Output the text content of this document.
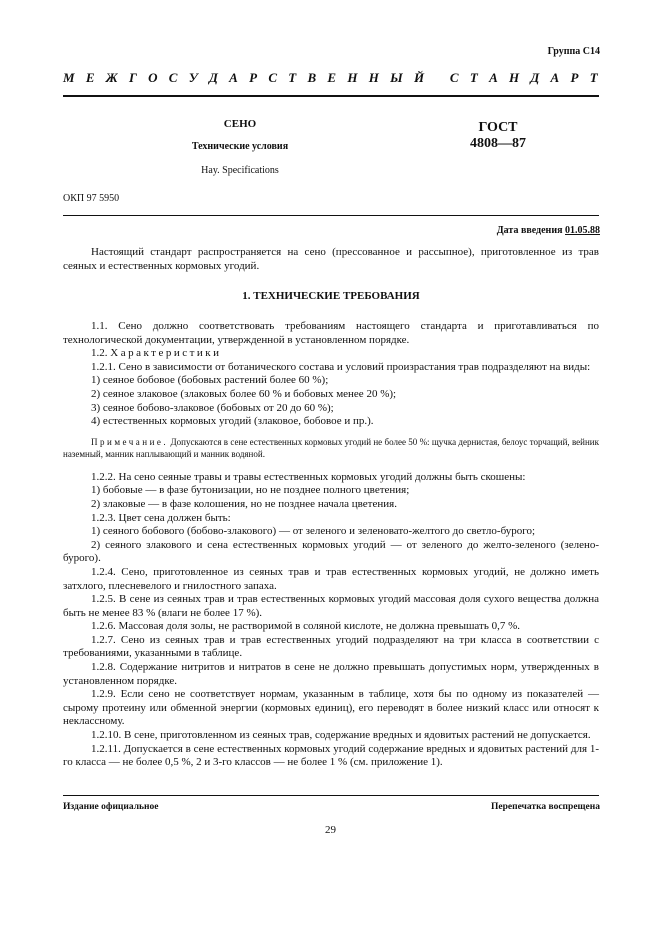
Группа С14
М Е Ж Г О С У Д А Р С Т В Е Н Н Ы Й
С Т А Н Д А Р Т
СЕНО
Технические условия
Hay. Specifications
ГОСТ
4808—87
ОКП 97 5950
Дата введения 01.05.88

Настоящий стандарт распространяется на сено (прессованное и рассыпное), приготовленное из трав сеяных и естественных кормовых угодий.

1. ТЕХНИЧЕСКИЕ ТРЕБОВАНИЯ

1.1. Сено должно соответствовать требованиям настоящего стандарта и приготавливаться по технологической документации, утвержденной в установленном порядке.

1.2. Характеристики

1.2.1. Сено в зависимости от ботанического состава и условий произрастания трав подразделяют на виды:

1) сеяное бобовое (бобовых растений более 60 %);

2) сеяное злаковое (злаковых более 60 % и бобовых менее 20 %);

3) сеяное бобово-злаковое (бобовых от 20 до 60 %);

4) естественных кормовых угодий (злаковое, бобовое и пр.).

Примечание. Допускаются в сене естественных кормовых угодий не более 50 %: щучка дернистая, белоус торчащий, вейник наземный, манник наплывающий и манник водяной.

1.2.2. На сено сеяные травы и травы естественных кормовых угодий должны быть скошены:

1) бобовые — в фазе бутонизации, но не позднее полного цветения;

2) злаковые — в фазе колошения, но не позднее начала цветения.

1.2.3. Цвет сена должен быть:

1) сеяного бобового (бобово-злакового) — от зеленого и зеленовато-желтого до светло-бурого;

2) сеяного злакового и сена естественных кормовых угодий — от зеленого до желто-зеленого (зелено-бурого).

1.2.4. Сено, приготовленное из сеяных трав и трав естественных кормовых угодий, не должно иметь затхлого, плесневелого и гнилостного запаха.

1.2.5. В сене из сеяных трав и трав естественных кормовых угодий массовая доля сухого вещества должна быть не менее 83 % (влаги не более 17 %).

1.2.6. Массовая доля золы, не растворимой в соляной кислоте, не должна превышать 0,7 %.

1.2.7. Сено из сеяных трав и трав естественных угодий подразделяют на три класса в соответствии с требованиями, указанными в таблице.

1.2.8. Содержание нитритов и нитратов в сене не должно превышать допустимых норм, утвержденных в установленном порядке.

1.2.9. Если сено не соответствует нормам, указанным в таблице, хотя бы по одному из показателей — сырому протеину или обменной энергии (кормовых единиц), его переводят в более низкий класс или относят к неклассному.

1.2.10. В сене, приготовленном из сеяных трав, содержание вредных и ядовитых растений не допускается.

1.2.11. Допускается в сене естественных кормовых угодий содержание вредных и ядовитых растений для 1-го класса — не более 0,5 %, 2 и 3-го классов — не более 1 % (см. приложение 1).

Издание официальное	Перепечатка воспрещена
29
